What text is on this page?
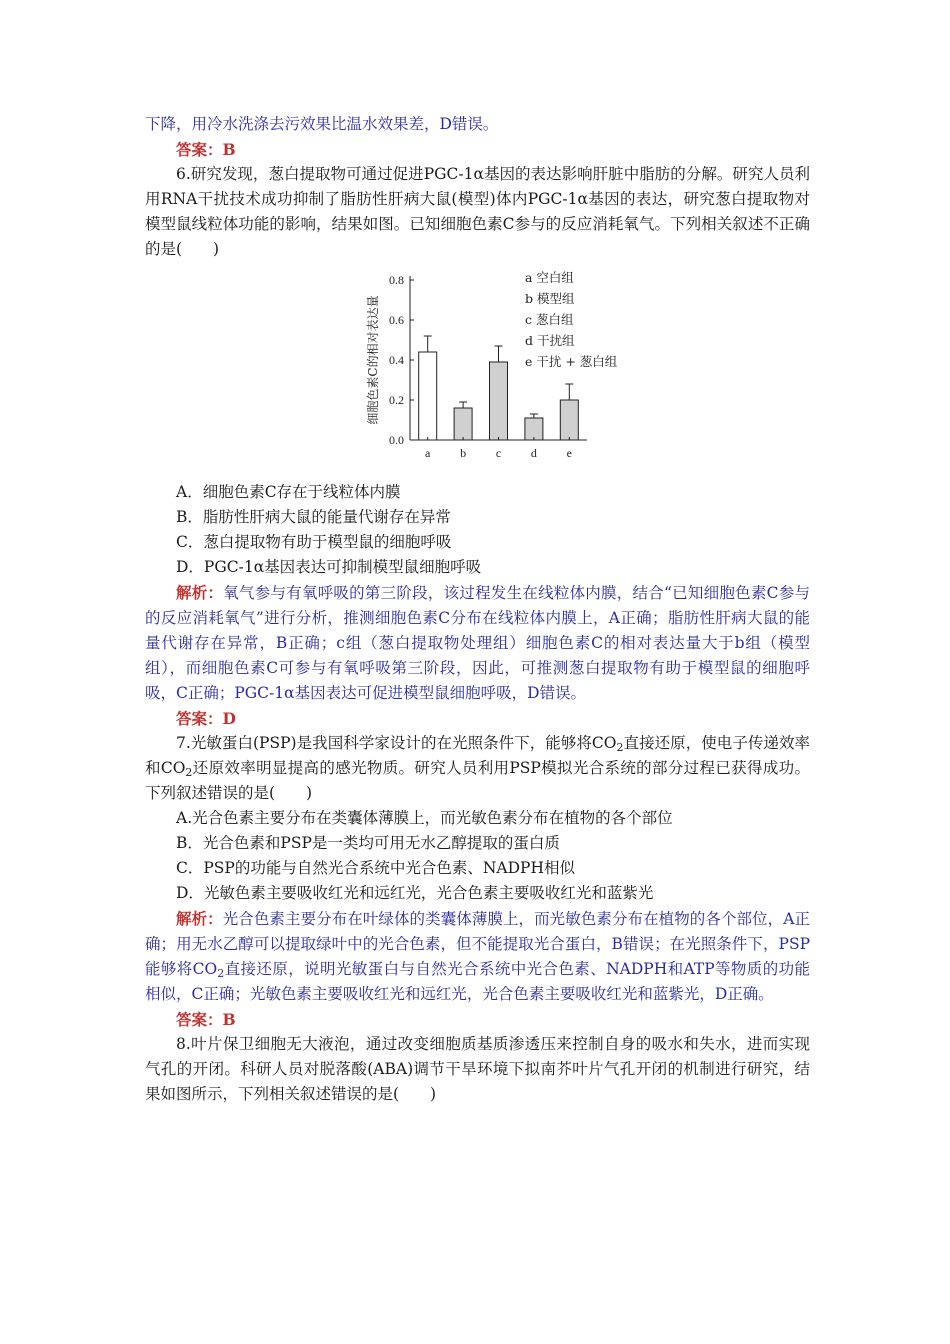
下降，用冷水洗涤去污效果比温水效果差，D错误。

答案：B

6.研究发现，葱白提取物可通过促进PGC-1α基因的表达影响肝脏中脂肪的分解。研究人员利用RNA干扰技术成功抑制了脂肪性肝病大鼠(模型)体内PGC-1α基因的表达，研究葱白提取物对模型鼠线粒体功能的影响，结果如图。已知细胞色素C参与的反应消耗氧气。下列相关叙述不正确的是(　　)

0.0
0.2
0.4
0.6
0.8
细胞色素C的相对表达量
a b c d e
a 空白组
b 模型组
c 葱白组
d 干扰组
e 干扰 + 葱白组

A．细胞色素C存在于线粒体内膜

B．脂肪性肝病大鼠的能量代谢存在异常

C．葱白提取物有助于模型鼠的细胞呼吸

D．PGC-1α基因表达可抑制模型鼠细胞呼吸

解析：氧气参与有氧呼吸的第三阶段，该过程发生在线粒体内膜，结合“已知细胞色素C参与的反应消耗氧气”进行分析，推测细胞色素C分布在线粒体内膜上，A正确；脂肪性肝病大鼠的能量代谢存在异常，B正确；c组（葱白提取物处理组）细胞色素C的相对表达量大于b组（模型组），而细胞色素C可参与有氧呼吸第三阶段，因此，可推测葱白提取物有助于模型鼠的细胞呼吸，C正确；PGC-1α基因表达可促进模型鼠细胞呼吸，D错误。

答案：D

7.光敏蛋白(PSP)是我国科学家设计的在光照条件下，能够将$CO_2$直接还原，使电子传递效率和$CO_2$还原效率明显提高的感光物质。研究人员利用PSP模拟光合系统的部分过程已获得成功。下列叙述错误的是(　　)

A.光合色素主要分布在类囊体薄膜上，而光敏色素分布在植物的各个部位

B．光合色素和PSP是一类均可用无水乙醇提取的蛋白质

C．PSP的功能与自然光合系统中光合色素、NADPH相似

D．光敏色素主要吸收红光和远红光，光合色素主要吸收红光和蓝紫光

解析：光合色素主要分布在叶绿体的类囊体薄膜上，而光敏色素分布在植物的各个部位，A正确；用无水乙醇可以提取绿叶中的光合色素，但不能提取光合蛋白，B错误；在光照条件下，PSP能够将$CO_2$直接还原，说明光敏蛋白与自然光合系统中光合色素、NADPH和ATP等物质的功能相似，C正确；光敏色素主要吸收红光和远红光，光合色素主要吸收红光和蓝紫光，D正确。

答案：B

8.叶片保卫细胞无大液泡，通过改变细胞质基质渗透压来控制自身的吸水和失水，进而实现气孔的开闭。科研人员对脱落酸(ABA)调节干旱环境下拟南芥叶片气孔开闭的机制进行研究，结果如图所示，下列相关叙述错误的是(　　)
